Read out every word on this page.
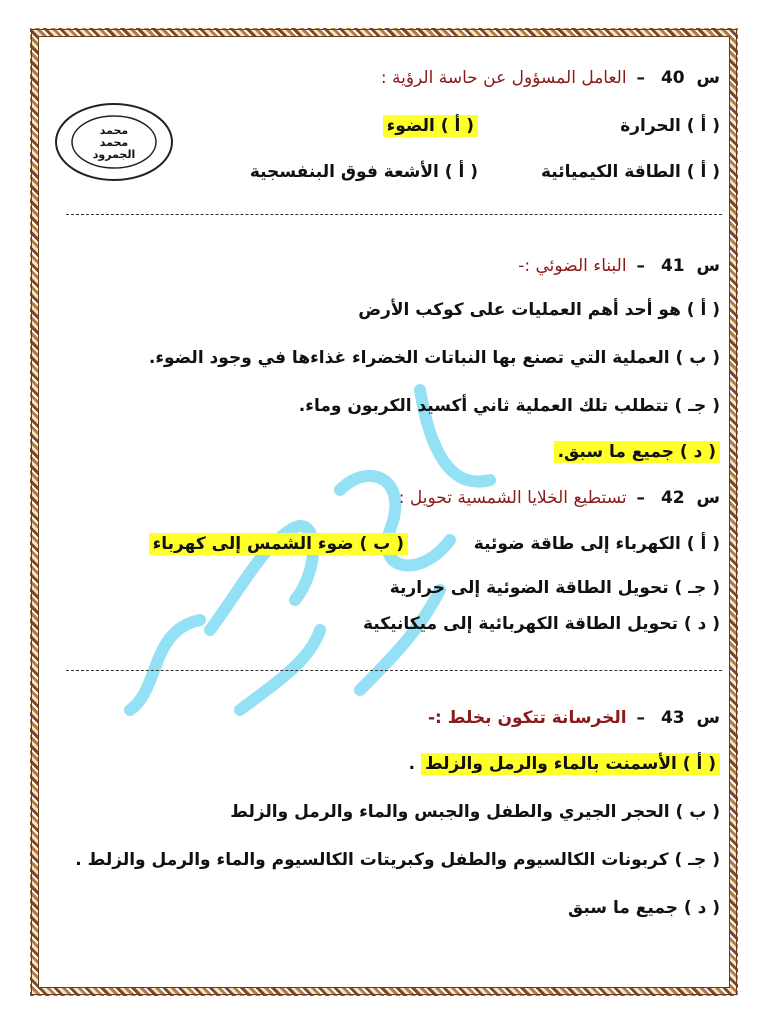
محمد
محمد
الجمرود
س 40 – العامل المسؤول عن حاسة الرؤية :
( أ ) الحرارة
( أ ) الضوء
( أ ) الطاقة الكيميائية
( أ ) الأشعة فوق البنفسجية
س 41 – البناء الضوئي :-
( أ ) هو أحد أهم العمليات على كوكب الأرض
( ب ) العملية التي تصنع بها النباتات الخضراء غذاءها في وجود الضوء.
( جـ ) تتطلب تلك العملية ثاني أكسيد الكربون وماء.
( د ) جميع ما سبق.
س 42 – تستطيع الخلايا الشمسية تحويل :
( أ ) الكهرباء إلى طاقة ضوئية
( ب ) ضوء الشمس إلى كهرباء
( جـ ) تحويل الطاقة الضوئية إلى حرارية
( د ) تحويل الطاقة الكهربائية إلى ميكانيكية
س 43 – الخرسانة تتكون بخلط :-
( أ ) الأسمنت بالماء والرمل والزلط .
( ب ) الحجر الجيري والطفل والجبس والماء والرمل والزلط
( جـ ) كربونات الكالسيوم والطفل وكبريتات الكالسيوم والماء والرمل والزلط .
( د ) جميع ما سبق
